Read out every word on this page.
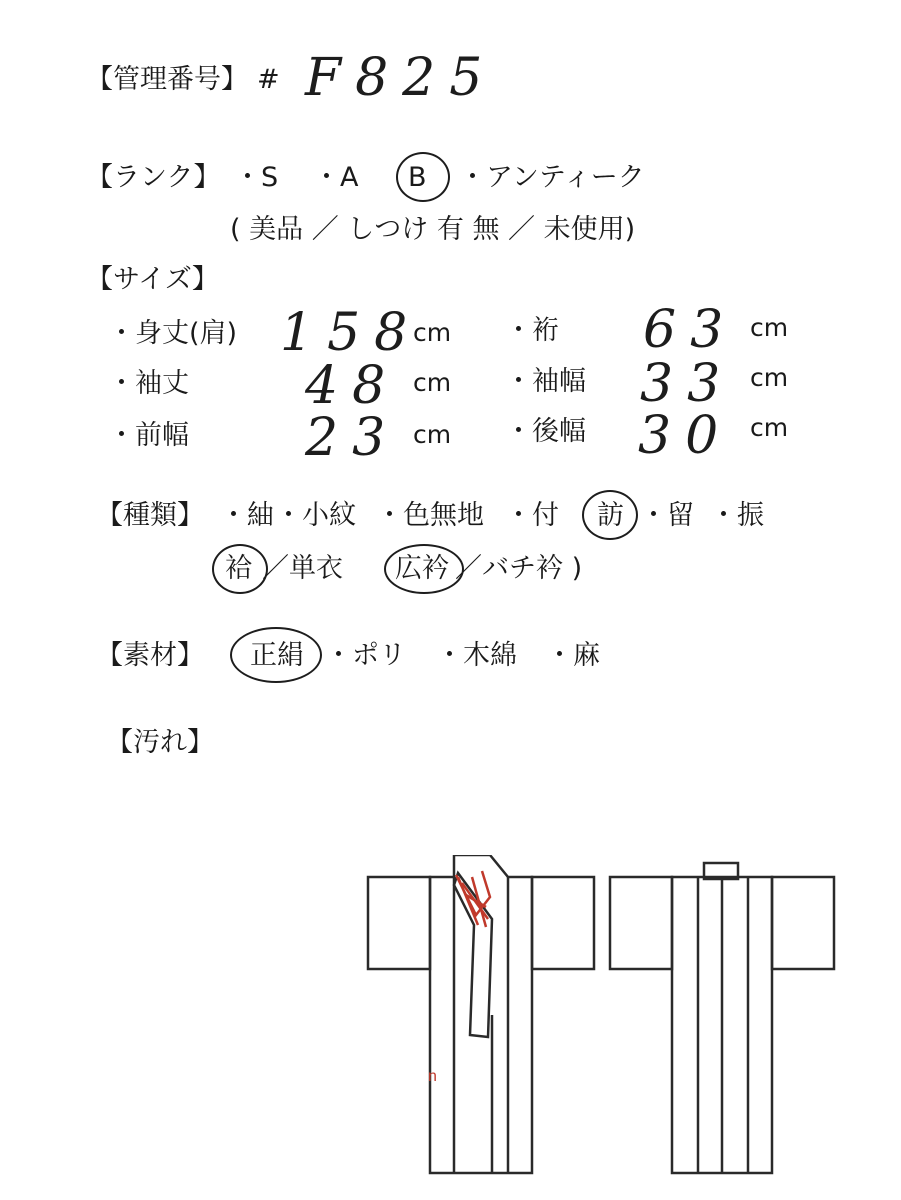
【管理番号】 # F825
【ランク】 ・S ・A B ・アンティーク
( 美品 ／ しつけ 有 無 ／ 未使用)
【サイズ】
・身丈(肩) 158
cm ・裄 63 cm
・袖丈 48 cm ・袖幅 33 cm
・前幅 23 cm ・後幅 30 cm
【種類】 ・紬 ・小紋 ・色無地 ・付 訪 ・留 ・振
袷 ／単衣 広衿 ／バチ衿 )
【素材】 正絹 ・ポリ ・木綿 ・麻
【汚れ】
n
